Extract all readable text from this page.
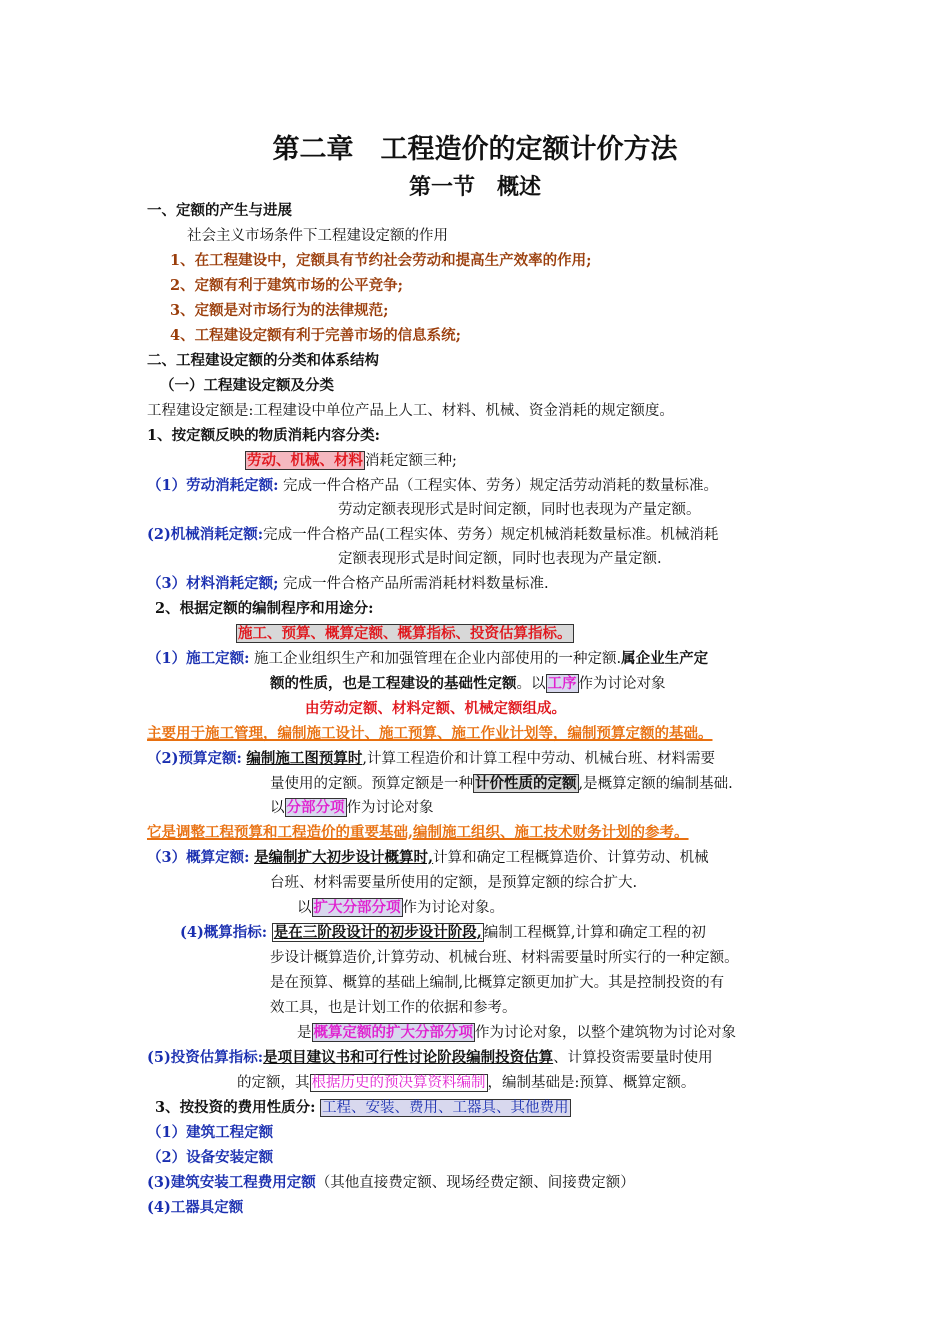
第二章　工程造价的定额计价方法
第一节　概述
一、定额的产生与进展
社会主义市场条件下工程建设定额的作用
1、在工程建设中，定额具有节约社会劳动和提高生产效率的作用;
2、定额有利于建筑市场的公平竞争;
3、定额是对市场行为的法律规范;
4、工程建设定额有利于完善市场的信息系统;
二、工程建设定额的分类和体系结构
（一）工程建设定额及分类
工程建设定额是:工程建设中单位产品上人工、材料、机械、资金消耗的规定额度。
1、按定额反映的物质消耗内容分类:
劳动、机械、材料 消耗定额三种;
（1）劳动消耗定额: 完成一件合格产品（工程实体、劳务）规定活劳动消耗的数量标准。
劳动定额表现形式是时间定额，同时也表现为产量定额。
(2)机械消耗定额:完成一件合格产品(工程实体、劳务）规定机械消耗数量标准。机械消耗
定额表现形式是时间定额，同时也表现为产量定额.
（3）材料消耗定额; 完成一件合格产品所需消耗材料数量标准.
2、根据定额的编制程序和用途分:
施工、预算、概算定额、概算指标、投资估算指标。
（1）施工定额: 施工企业组织生产和加强管理在企业内部使用的一种定额.属企业生产定
额的性质，也是工程建设的基础性定额。以 工序 作为讨论对象
由劳动定额、材料定额、机械定额组成。
主要用于施工管理，编制施工设计、施工预算、施工作业计划等，编制预算定额的基础。
（2)预算定额: 编制施工图预算时,计算工程造价和计算工程中劳动、机械台班、材料需要
量使用的定额。预算定额是一种 计价性质的定额 ,是概算定额的编制基础.
以 分部分项 作为讨论对象
它是调整工程预算和工程造价的重要基础,编制施工组织、施工技术财务计划的参考。
（3）概算定额: 是编制扩大初步设计概算时,计算和确定工程概算造价、计算劳动、机械
台班、材料需要量所使用的定额，是预算定额的综合扩大.
以 扩大分部分项 作为讨论对象。
(4)概算指标: 是在三阶段设计的初步设计阶段, 编制工程概算,计算和确定工程的初
步设计概算造价,计算劳动、机械台班、材料需要量时所实行的一种定额。
是在预算、概算的基础上编制,比概算定额更加扩大。其是控制投资的有
效工具，也是计划工作的依据和参考。
是 概算定额的扩大分部分项 作为讨论对象，以整个建筑物为讨论对象
(5)投资估算指标:是项目建议书和可行性讨论阶段编制投资估算、计算投资需要量时使用
的定额，其 根据历史的预决算资料编制 ，编制基础是:预算、概算定额。
3、按投资的费用性质分: 工程、安装、费用、工器具、其他费用
（1）建筑工程定额
（2）设备安装定额
(3)建筑安装工程费用定额（其他直接费定额、现场经费定额、间接费定额）
(4)工器具定额
